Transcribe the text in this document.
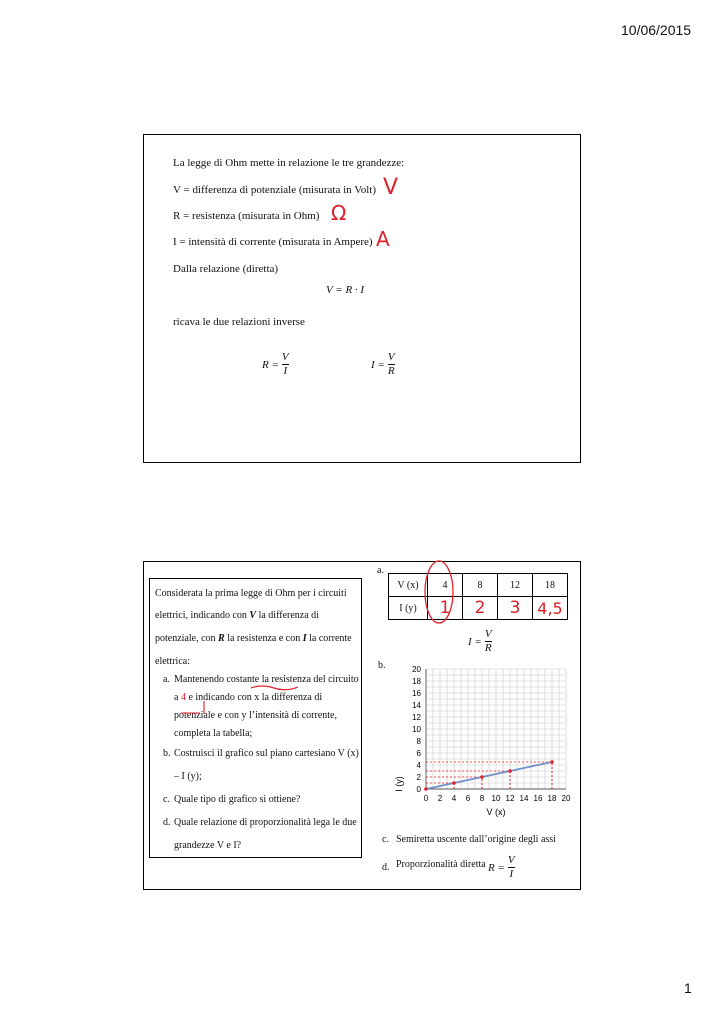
10/06/2015
1
La legge di Ohm mette in relazione le tre grandezze:
V = differenza di potenziale (misurata in Volt)
R = resistenza (misurata in Ohm)
I = intensità di corrente (misurata in Ampere)
Dalla relazione (diretta)
V = R · I
ricava le due relazioni inverse
$R = \frac{V}{I}$	$I = \frac{V}{R}$
V
Ω
A
Considerata la prima legge di Ohm per i circuiti
elettrici, indicando con V la differenza di
potenziale, con R la resistenza e con I la corrente
elettrica:
a. Mantenendo costante la resistenza del circuito
a 4 e indicando con x la differenza di
potenziale e con y l’intensità di corrente,
completa la tabella;
b. Costruisci il grafico sul piano cartesiano V (x)
– I (y);
c. Quale tipo di grafico si ottiene?
d. Quale relazione di proporzionalità lega le due
grandezze V e I?
a.
V (x)	4	8	12	18
I (y)	1	2	3	4,5
$I = \frac{V}{R}$
b.
0 2 4 6 8 10 12 14 16 18 20
0
2
4
6
8
10
12
14
16
18
20
V (x)
I (y)
c. Semiretta uscente dall’origine degli assi
d. Proporzionalità diretta $R = \frac{V}{I}$
